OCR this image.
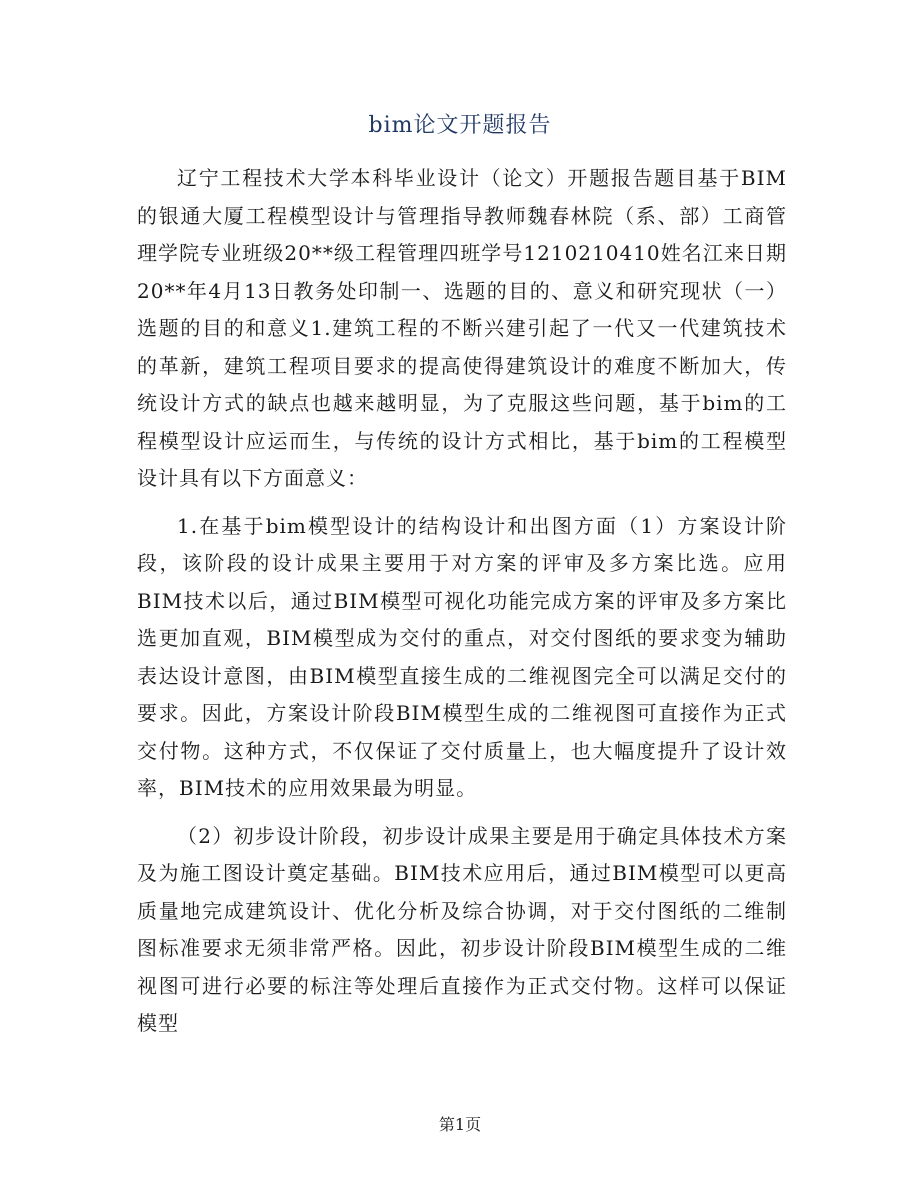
bim论文开题报告

辽宁工程技术大学本科毕业设计（论文）开题报告题目基于BIM的银通大厦工程模型设计与管理指导教师魏春林院（系、部）工商管理学院专业班级20**级工程管理四班学号1210210410姓名江来日期20**年4月13日教务处印制一、选题的目的、意义和研究现状（一）选题的目的和意义1.建筑工程的不断兴建引起了一代又一代建筑技术的革新，建筑工程项目要求的提高使得建筑设计的难度不断加大，传统设计方式的缺点也越来越明显，为了克服这些问题，基于bim的工程模型设计应运而生，与传统的设计方式相比，基于bim的工程模型设计具有以下方面意义：

1.在基于bim模型设计的结构设计和出图方面（1）方案设计阶段，该阶段的设计成果主要用于对方案的评审及多方案比选。应用BIM技术以后，通过BIM模型可视化功能完成方案的评审及多方案比选更加直观，BIM模型成为交付的重点，对交付图纸的要求变为辅助表达设计意图，由BIM模型直接生成的二维视图完全可以满足交付的要求。因此，方案设计阶段BIM模型生成的二维视图可直接作为正式交付物。这种方式，不仅保证了交付质量上，也大幅度提升了设计效率，BIM技术的应用效果最为明显。

（2）初步设计阶段，初步设计成果主要是用于确定具体技术方案及为施工图设计奠定基础。BIM技术应用后，通过BIM模型可以更高质量地完成建筑设计、优化分析及综合协调，对于交付图纸的二维制图标准要求无须非常严格。因此，初步设计阶段BIM模型生成的二维视图可进行必要的标注等处理后直接作为正式交付物。这样可以保证模型

第1页
